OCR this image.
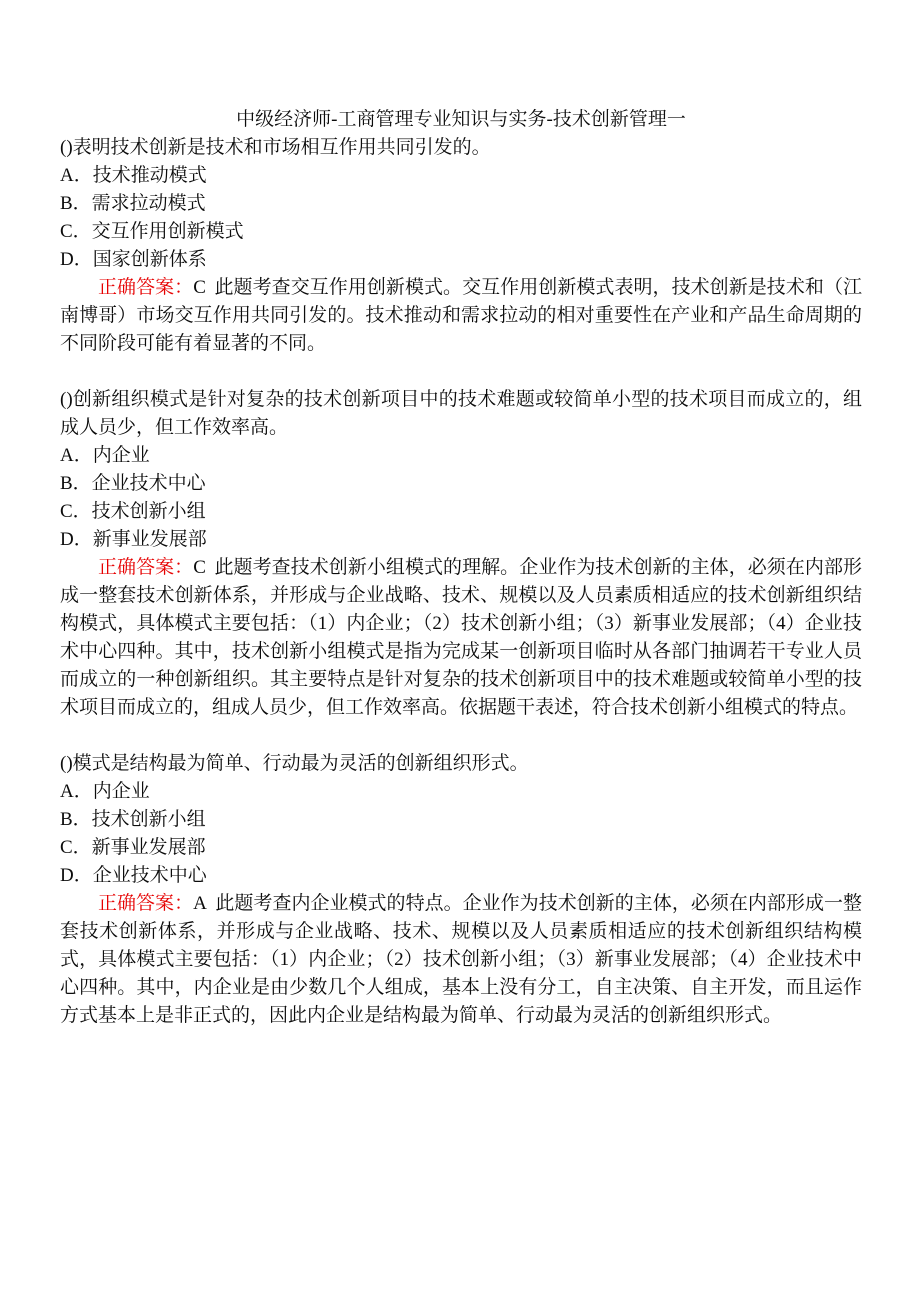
中级经济师-工商管理专业知识与实务-技术创新管理一
()表明技术创新是技术和市场相互作用共同引发的。
A．技术推动模式
B．需求拉动模式
C．交互作用创新模式
D．国家创新体系
正确答案：C 此题考查交互作用创新模式。交互作用创新模式表明，技术创新是技术和（江南博哥）市场交互作用共同引发的。技术推动和需求拉动的相对重要性在产业和产品生命周期的不同阶段可能有着显著的不同。
()创新组织模式是针对复杂的技术创新项目中的技术难题或较简单小型的技术项目而成立的，组成人员少，但工作效率高。
A．内企业
B．企业技术中心
C．技术创新小组
D．新事业发展部
正确答案：C 此题考查技术创新小组模式的理解。企业作为技术创新的主体，必须在内部形成一整套技术创新体系，并形成与企业战略、技术、规模以及人员素质相适应的技术创新组织结构模式，具体模式主要包括：（1）内企业；（2）技术创新小组；（3）新事业发展部；（4）企业技术中心四种。其中，技术创新小组模式是指为完成某一创新项目临时从各部门抽调若干专业人员而成立的一种创新组织。其主要特点是针对复杂的技术创新项目中的技术难题或较简单小型的技术项目而成立的，组成人员少，但工作效率高。依据题干表述，符合技术创新小组模式的特点。
()模式是结构最为简单、行动最为灵活的创新组织形式。
A．内企业
B．技术创新小组
C．新事业发展部
D．企业技术中心
正确答案：A 此题考查内企业模式的特点。企业作为技术创新的主体，必须在内部形成一整套技术创新体系，并形成与企业战略、技术、规模以及人员素质相适应的技术创新组织结构模式，具体模式主要包括：（1）内企业；（2）技术创新小组；（3）新事业发展部；（4）企业技术中心四种。其中，内企业是由少数几个人组成，基本上没有分工，自主决策、自主开发，而且运作方式基本上是非正式的，因此内企业是结构最为简单、行动最为灵活的创新组织形式。
